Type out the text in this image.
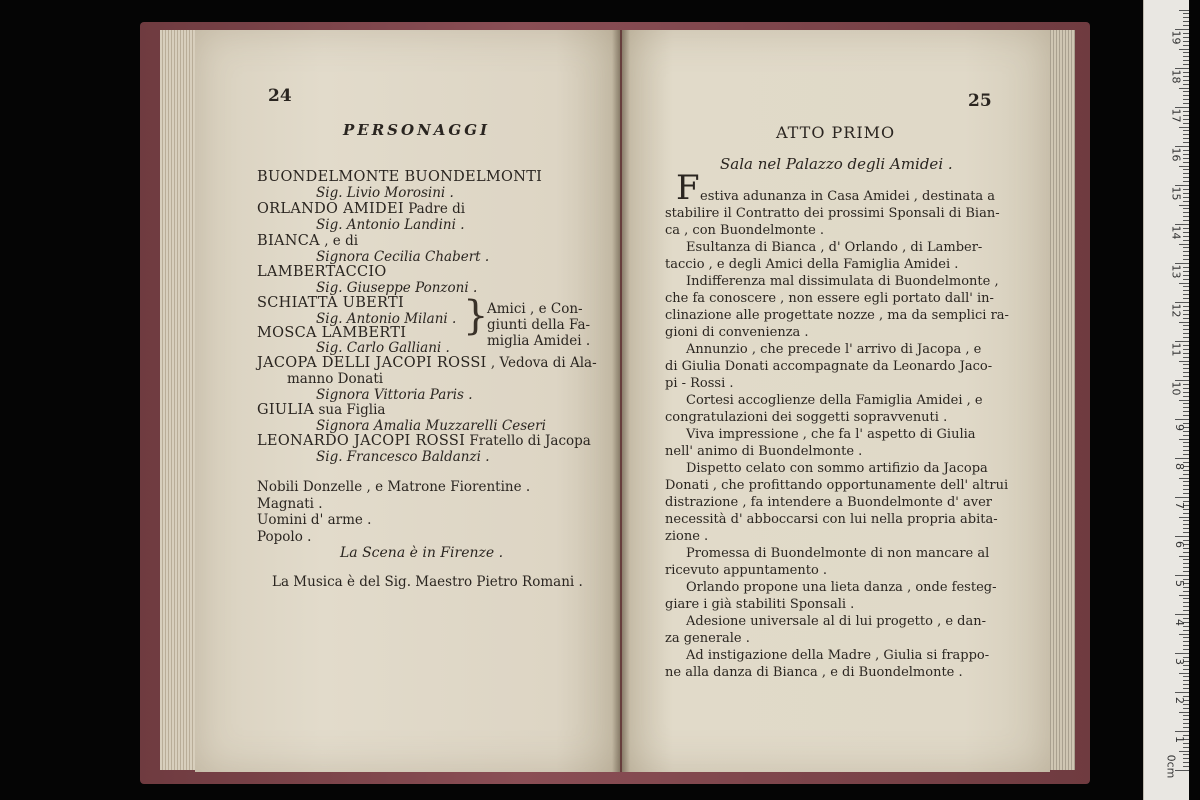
24
PERSONAGGI
BUONDELMONTE BUONDELMONTI
Sig. Livio Morosini .
ORLANDO AMIDEI Padre di
Sig. Antonio Landini .
BIANCA , e di
Signora Cecilia Chabert .
LAMBERTACCIO
Sig. Giuseppe Ponzoni .
SCHIATTA UBERTI
Sig. Antonio Milani .
MOSCA LAMBERTI
Sig. Carlo Galliani .
}
Amici , e Con-
giunti della Fa-
miglia Amidei .
JACOPA DELLI JACOPI ROSSI , Vedova di Ala-
manno Donati
Signora Vittoria Paris .
GIULIA sua Figlia
Signora Amalia Muzzarelli Ceseri
LEONARDO JACOPI ROSSI Fratello di Jacopa
Sig. Francesco Baldanzi .
Nobili Donzelle , e Matrone Fiorentine .
Magnati .
Uomini d' arme .
Popolo .
La Scena è in Firenze .
La Musica è del Sig. Maestro Pietro Romani .
25
ATTO PRIMO
Sala nel Palazzo degli Amidei .
F estiva adunanza in Casa Amidei , destinata a
stabilire il Contratto dei prossimi Sponsali di Bian-
ca , con Buondelmonte .
Esultanza di Bianca , d' Orlando , di Lamber-
taccio , e degli Amici della Famiglia Amidei .
Indifferenza mal dissimulata di Buondelmonte ,
che fa conoscere , non essere egli portato dall' in-
clinazione alle progettate nozze , ma da semplici ra-
gioni di convenienza .
Annunzio , che precede l' arrivo di Jacopa , e
di Giulia Donati accompagnate da Leonardo Jaco-
pi - Rossi .
Cortesi accoglienze della Famiglia Amidei , e
congratulazioni dei soggetti sopravvenuti .
Viva impressione , che fa l' aspetto di Giulia
nell' animo di Buondelmonte .
Dispetto celato con sommo artifizio da Jacopa
Donati , che profittando opportunamente dell' altrui
distrazione , fa intendere a Buondelmonte d' aver
necessità d' abboccarsi con lui nella propria abita-
zione .
Promessa di Buondelmonte di non mancare al
ricevuto appuntamento .
Orlando propone una lieta danza , onde festeg-
giare i già stabiliti Sponsali .
Adesione universale al di lui progetto , e dan-
za generale .
Ad instigazione della Madre , Giulia si frappo-
ne alla danza di Bianca , e di Buondelmonte .
0cm
1
2
3
4
5
6
7
8
9
10
11
12
13
14
15
16
17
18
19
